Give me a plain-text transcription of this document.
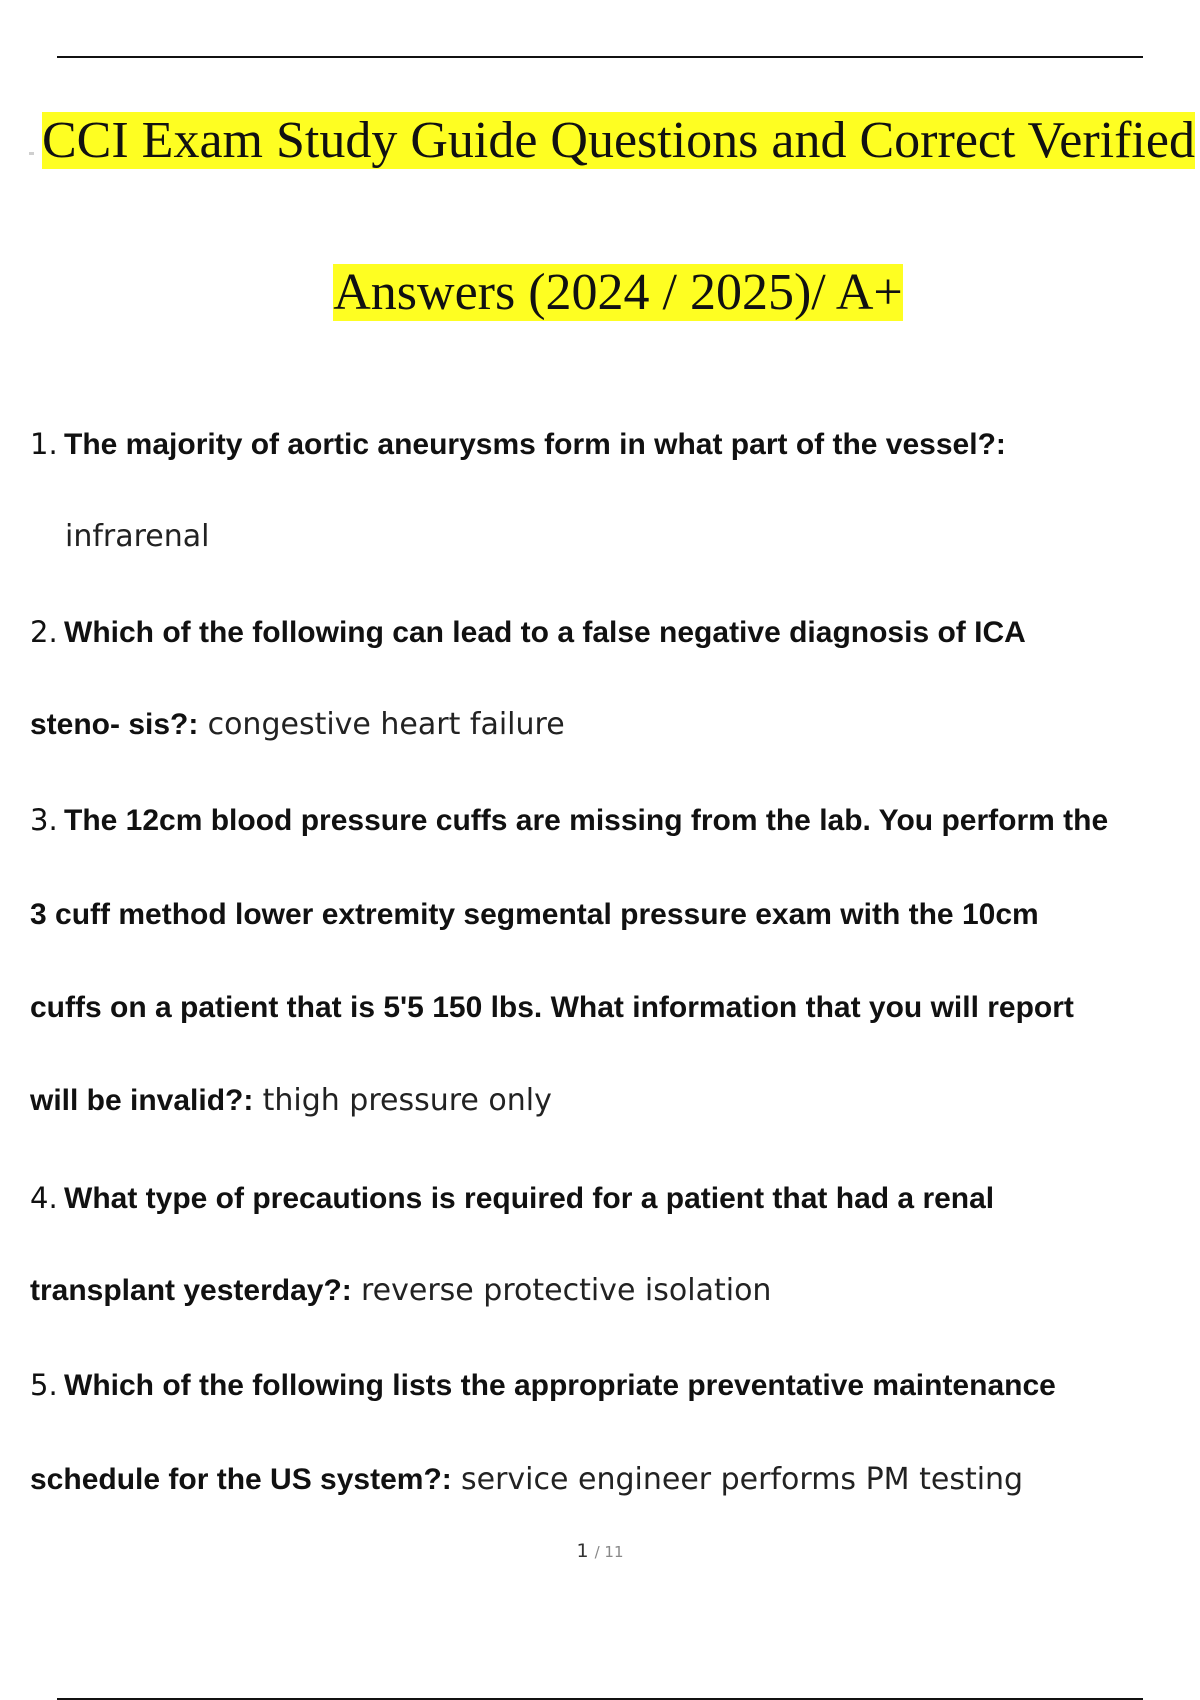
CCI Exam Study Guide Questions and Correct Verified
Answers (2024 / 2025)/ A+
1. The majority of aortic aneurysms form in what part of the vessel?:
infrarenal
2. Which of the following can lead to a false negative diagnosis of ICA
steno- sis?: congestive heart failure
3. The 12cm blood pressure cuffs are missing from the lab. You perform the
3 cuff method lower extremity segmental pressure exam with the 10cm
cuffs on a patient that is 5'5 150 lbs. What information that you will report
will be invalid?: thigh pressure only
4. What type of precautions is required for a patient that had a renal
transplant yesterday?: reverse protective isolation
5. Which of the following lists the appropriate preventative maintenance
schedule for the US system?: service engineer performs PM testing
1 / 11
